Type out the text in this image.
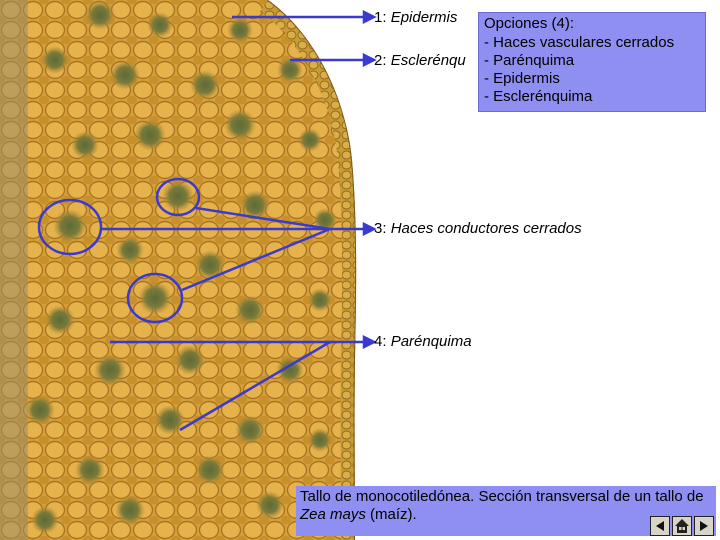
1: Epidermis
2: Esclerénqu
3: Haces conductores cerrados
4: Parénquima
Opciones (4):
- Haces vasculares cerrados
- Parénquima
- Epidermis
- Esclerénquima
Tallo de monocotiledónea. Sección transversal de un tallo de Zea mays (maíz).
